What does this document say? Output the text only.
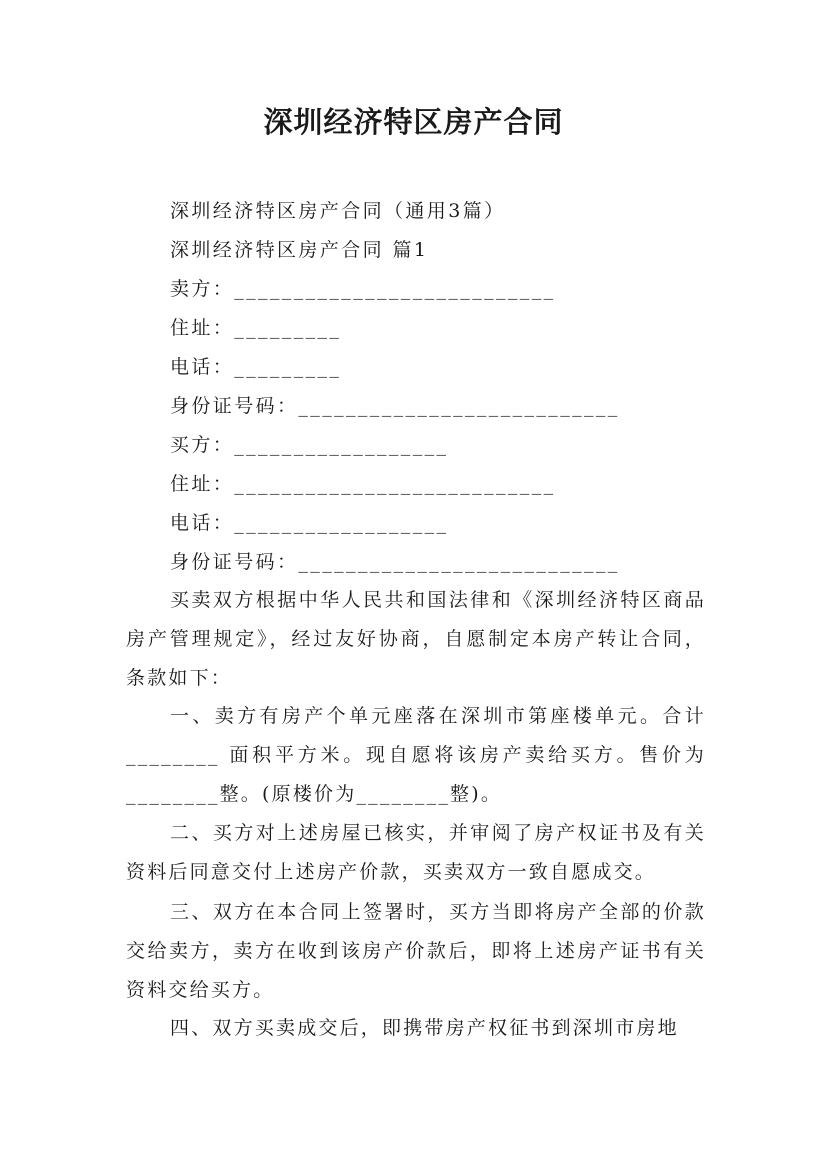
深圳经济特区房产合同
深圳经济特区房产合同（通用3篇）
深圳经济特区房产合同 篇1
卖方：___________________________
住址：_________
电话：_________
身份证号码：___________________________
买方：__________________
住址：___________________________
电话：__________________
身份证号码：___________________________
买卖双方根据中华人民共和国法律和《深圳经济特区商品房产管理规定》，经过友好协商，自愿制定本房产转让合同，条款如下：
一、卖方有房产个单元座落在深圳市第座楼单元。合计________ 面积平方米。现自愿将该房产卖给买方。售价为________整。(原楼价为________整)。
二、买方对上述房屋已核实，并审阅了房产权证书及有关资料后同意交付上述房产价款，买卖双方一致自愿成交。
三、双方在本合同上签署时，买方当即将房产全部的价款交给卖方，卖方在收到该房产价款后，即将上述房产证书有关资料交给买方。
四、双方买卖成交后，即携带房产权征书到深圳市房地
